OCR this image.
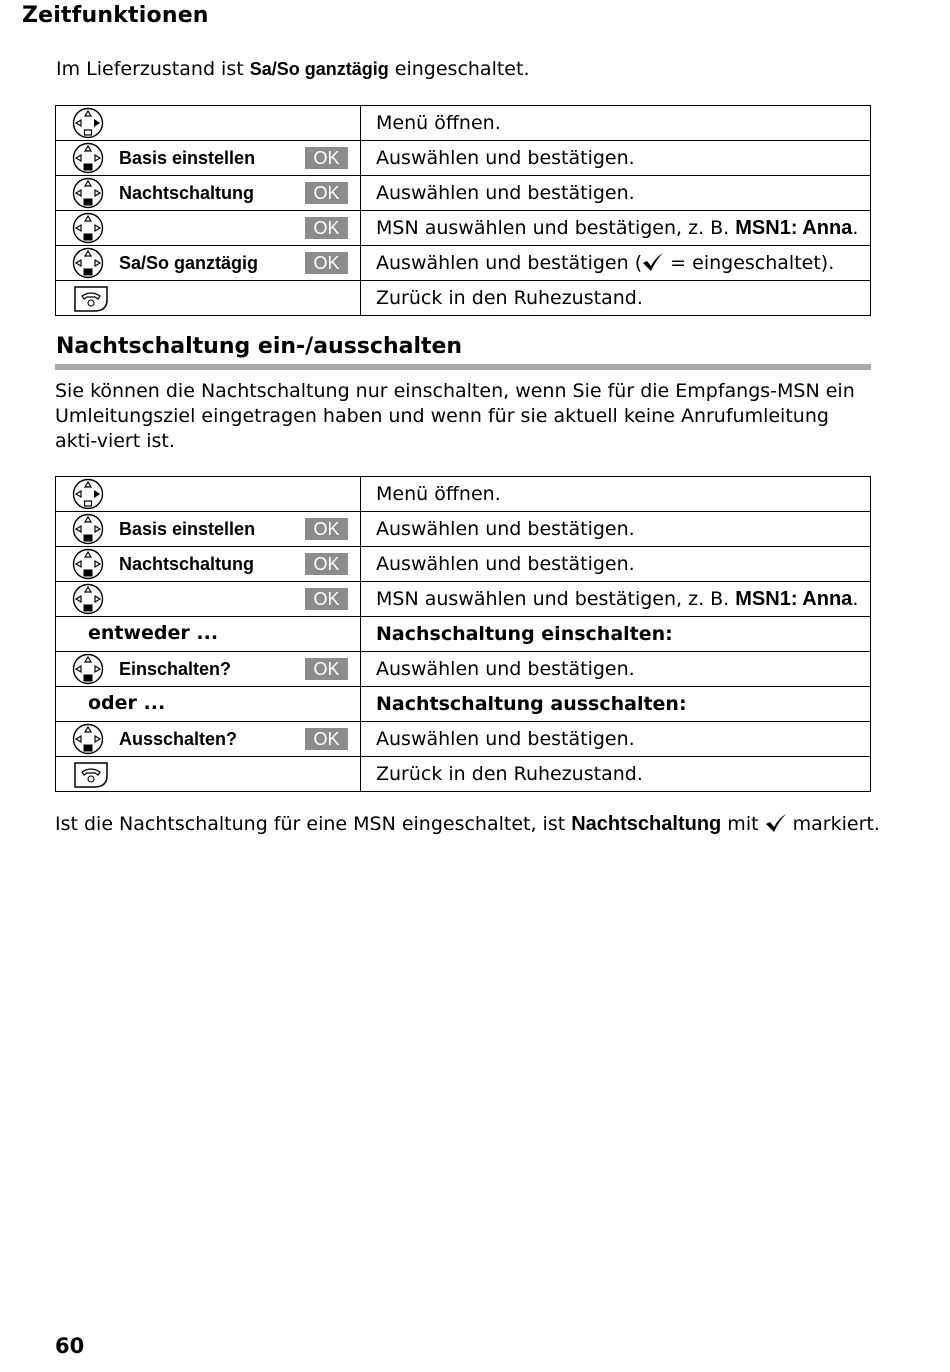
Zeitfunktionen
Im Lieferzustand ist Sa/So ganztägig eingeschaltet.
	Menü öffnen.

Basis einstellen OK	Auswählen und bestätigen.

Nachtschaltung OK	Auswählen und bestätigen.

OK	MSN auswählen und bestätigen, z. B. MSN1: Anna.

Sa/So ganztägig OK	Auswählen und bestätigen ( = eingeschaltet).

	Zurück in den Ruhezustand.
Nachtschaltung ein-/ausschalten
Sie können die Nachtschaltung nur einschalten, wenn Sie für die Empfangs-MSN ein Umleitungsziel eingetragen haben und wenn für sie aktuell keine Anrufumleitung akti-viert ist.
	Menü öffnen.

Basis einstellen OK	Auswählen und bestätigen.

Nachtschaltung OK	Auswählen und bestätigen.

OK	MSN auswählen und bestätigen, z. B. MSN1: Anna.

entweder ...	Nachschaltung einschalten:

Einschalten? OK	Auswählen und bestätigen.

oder ...	Nachtschaltung ausschalten:

Ausschalten? OK	Auswählen und bestätigen.

	Zurück in den Ruhezustand.
Ist die Nachtschaltung für eine MSN eingeschaltet, ist Nachtschaltung mit  markiert.
60
